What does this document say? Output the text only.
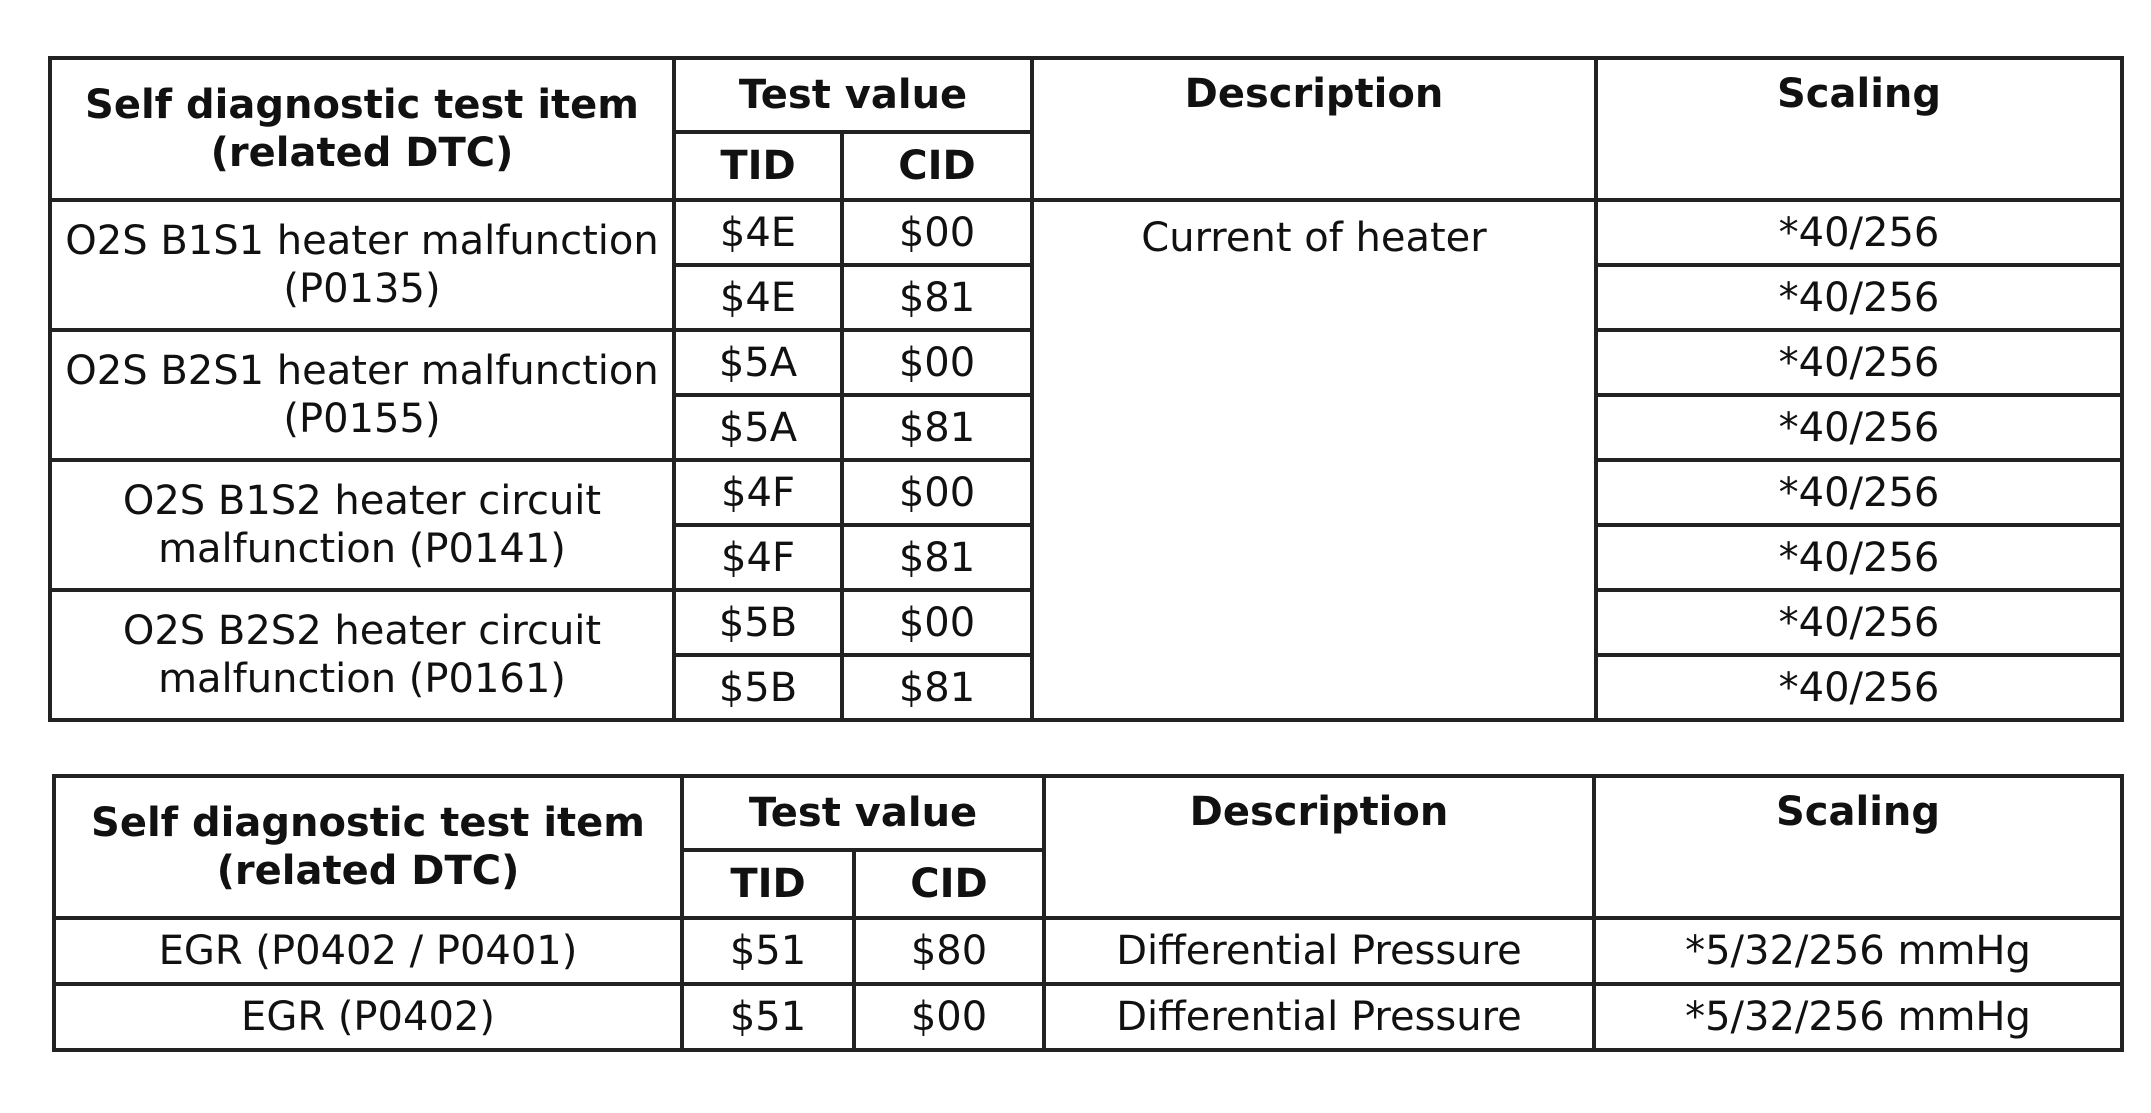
Self diagnostic test item (related DTC)	Test value		Description	Scaling
	TID	CID		

O2S B1S1 heater malfunction
(P0135)	$4E	$00	Current of heater	*40/256
	$4E	$81		*40/256

O2S B2S1 heater malfunction
(P0155)	$5A	$00		*40/256
	$5A	$81		*40/256

O2S B1S2 heater circuit
malfunction (P0141)	$4F	$00		*40/256
	$4F	$81		*40/256

O2S B2S2 heater circuit
malfunction (P0161)	$5B	$00		*40/256
	$5B	$81		*40/256
Self diagnostic test item (related DTC)	Test value		Description	Scaling
	TID	CID		
EGR (P0402 / P0401)	$51	$80	Differential Pressure	*5/32/256 mmHg
EGR (P0402)	$51	$00	Differential Pressure	*5/32/256 mmHg
